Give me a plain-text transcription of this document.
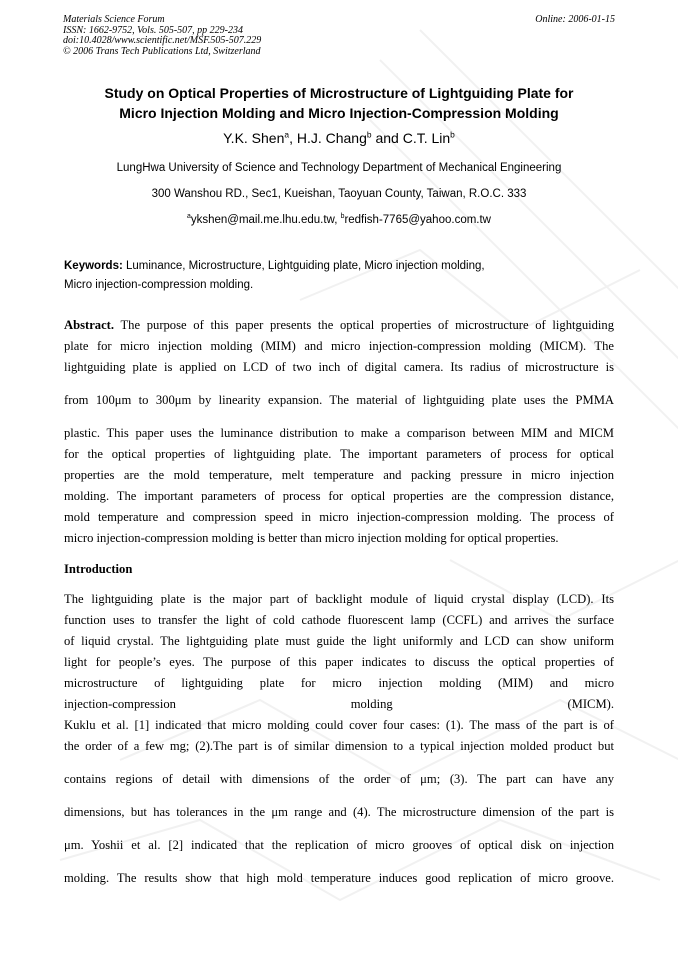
Materials Science Forum
ISSN: 1662-9752, Vols. 505-507, pp 229-234
doi:10.4028/www.scientific.net/MSF.505-507.229
© 2006 Trans Tech Publications Ltd, Switzerland
Online: 2006-01-15
Study on Optical Properties of Microstructure of Lightguiding Plate for
Micro Injection Molding and Micro Injection-Compression Molding
Y.K. Shen$^a$, H.J. Chang$^b$ and C.T. Lin$^b$
LungHwa University of Science and Technology Department of Mechanical Engineering
300 Wanshou RD., Sec1, Kueishan, Taoyuan County, Taiwan, R.O.C. 333
$^a$ykshen@mail.me.lhu.edu.tw, $^b$redfish-7765@yahoo.com.tw
Keywords: Luminance, Microstructure, Lightguiding plate, Micro injection molding,
Micro injection-compression molding.
Abstract. The purpose of this paper presents the optical properties of microstructure of lightguiding
plate for micro injection molding (MIM) and micro injection-compression molding (MICM). The
lightguiding plate is applied on LCD of two inch of digital camera. Its radius of microstructure is
from 100μm to 300μm by linearity expansion. The material of lightguiding plate uses the PMMA
plastic. This paper uses the luminance distribution to make a comparison between MIM and MICM
for the optical properties of lightguiding plate. The important parameters of process for optical
properties are the mold temperature, melt temperature and packing pressure in micro injection
molding. The important parameters of process for optical properties are the compression distance,
mold temperature and compression speed in micro injection-compression molding. The process of
micro injection-compression molding is better than micro injection molding for optical properties.
Introduction
The lightguiding plate is the major part of backlight module of liquid crystal display (LCD). Its
function uses to transfer the light of cold cathode fluorescent lamp (CCFL) and arrives the surface
of liquid crystal. The lightguiding plate must guide the light uniformly and LCD can show uniform
light for people’s eyes. The purpose of this paper indicates to discuss the optical properties of
microstructure of lightguiding plate for micro injection molding (MIM) and micro
injection-compression molding (MICM).
Kuklu et al. [1] indicated that micro molding could cover four cases: (1). The mass of the part is of
the order of a few mg; (2).The part is of similar dimension to a typical injection molded product but
contains regions of detail with dimensions of the order of μm; (3). The part can have any
dimensions, but has tolerances in the μm range and (4). The microstructure dimension of the part is
μm. Yoshii et al. [2] indicated that the replication of micro grooves of optical disk on injection
molding. The results show that high mold temperature induces good replication of micro groove.
